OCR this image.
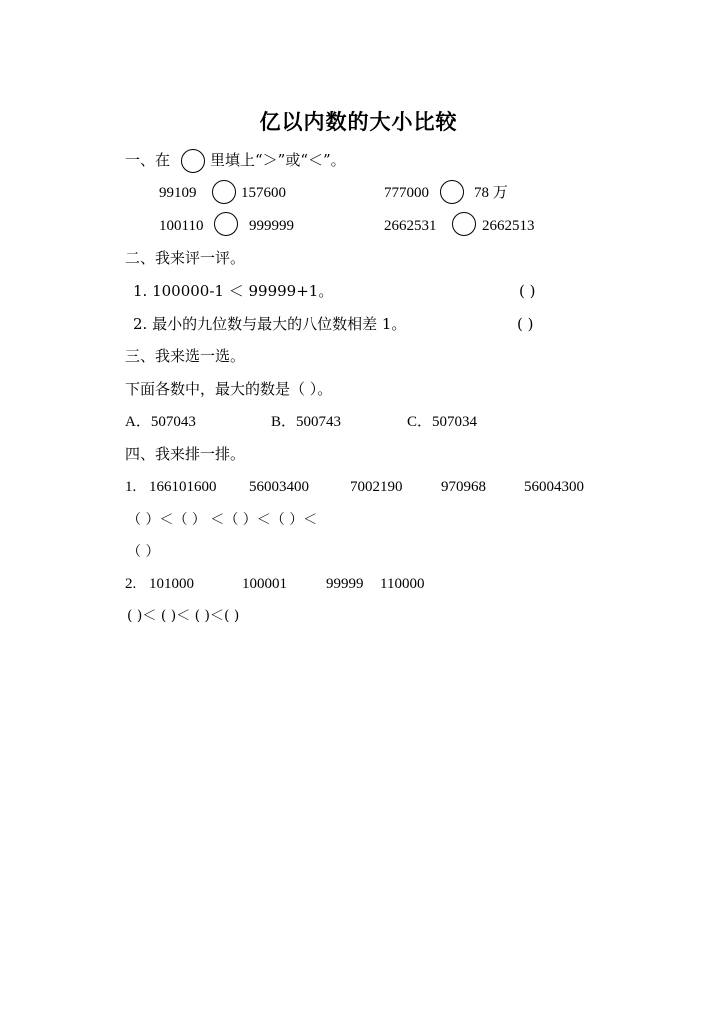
亿以内数的大小比较
一、在	里填上“＞”或“＜”。
99109	157600	777000	78 万
100110	999999	2662531	2662513
二、我来评一评。
1. 100000-1 ＜ 99999+1。	( )
2. 最小的九位数与最大的八位数相差 1。	( )
三、我来选一选。
下面各数中，最大的数是（ ）。
A．507043	B．500743	C．507034
四、我来排一排。
1. 166101600 56003400	7002190	970968	56004300
（ ）＜（ ） ＜（ ）＜（ ）＜
（ ）
2. 101000	100001	99999 110000
( )＜ ( )＜ ( )＜( )
